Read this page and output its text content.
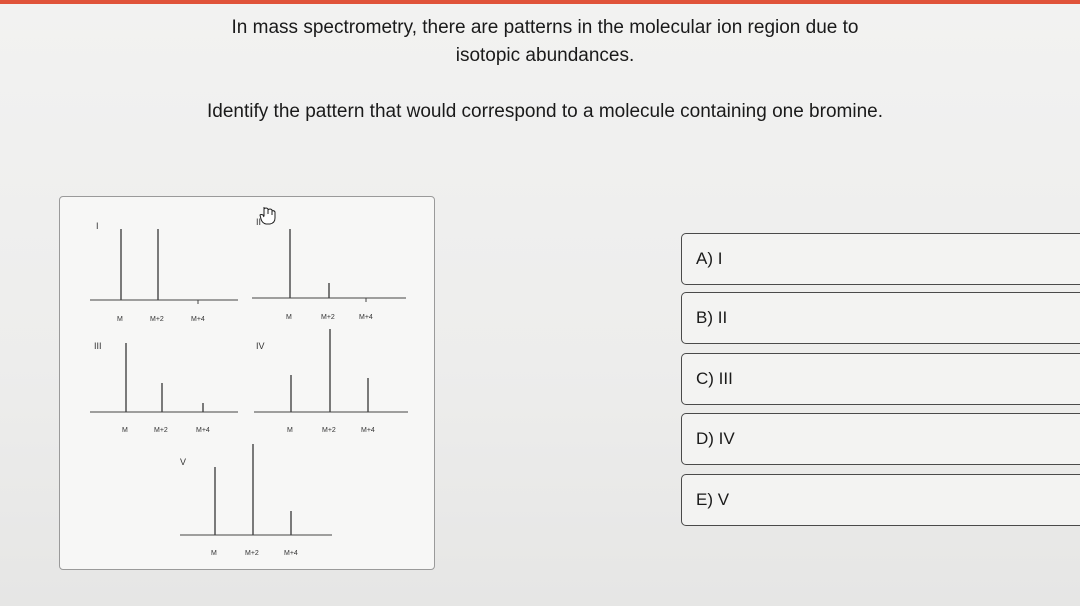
In mass spectrometry, there are patterns in the molecular ion region due to
isotopic abundances.
Identify the pattern that would correspond to a molecule containing one bromine.
I
M	M+2	M+4
II
M	M+2	M+4
III
M	M+2	M+4
IV
M	M+2	M+4
V
M	M+2	M+4
A) I
B) II
C) III
D) IV
E) V
